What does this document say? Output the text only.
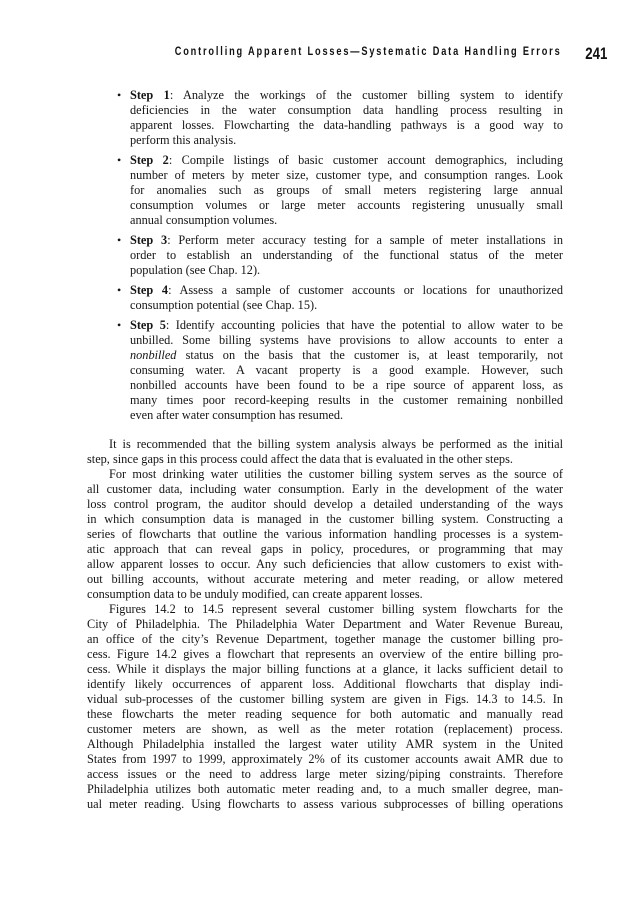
Controlling Apparent Losses—Systematic Data Handling Errors 241
• Step 1: Analyze the workings of the customer billing system to identify
deficiencies in the water consumption data handling process resulting in
apparent losses. Flowcharting the data-handling pathways is a good way to
perform this analysis.
• Step 2: Compile listings of basic customer account demographics, including
number of meters by meter size, customer type, and consumption ranges. Look
for anomalies such as groups of small meters registering large annual
consumption volumes or large meter accounts registering unusually small
annual consumption volumes.
• Step 3: Perform meter accuracy testing for a sample of meter installations in
order to establish an understanding of the functional status of the meter
population (see Chap. 12).
• Step 4: Assess a sample of customer accounts or locations for unauthorized
consumption potential (see Chap. 15).
• Step 5: Identify accounting policies that have the potential to allow water to be
unbilled. Some billing systems have provisions to allow accounts to enter a
nonbilled status on the basis that the customer is, at least temporarily, not
consuming water. A vacant property is a good example. However, such
nonbilled accounts have been found to be a ripe source of apparent loss, as
many times poor record-keeping results in the customer remaining nonbilled
even after water consumption has resumed.
It is recommended that the billing system analysis always be performed as the initial
step, since gaps in this process could affect the data that is evaluated in the other steps.
For most drinking water utilities the customer billing system serves as the source of
all customer data, including water consumption. Early in the development of the water
loss control program, the auditor should develop a detailed understanding of the ways
in which consumption data is managed in the customer billing system. Constructing a
series of flowcharts that outline the various information handling processes is a system-
atic approach that can reveal gaps in policy, procedures, or programming that may
allow apparent losses to occur. Any such deficiencies that allow customers to exist with-
out billing accounts, without accurate metering and meter reading, or allow metered
consumption data to be unduly modified, can create apparent losses.
Figures 14.2 to 14.5 represent several customer billing system flowcharts for the
City of Philadelphia. The Philadelphia Water Department and Water Revenue Bureau,
an office of the city’s Revenue Department, together manage the customer billing pro-
cess. Figure 14.2 gives a flowchart that represents an overview of the entire billing pro-
cess. While it displays the major billing functions at a glance, it lacks sufficient detail to
identify likely occurrences of apparent loss. Additional flowcharts that display indi-
vidual sub-processes of the customer billing system are given in Figs. 14.3 to 14.5. In
these flowcharts the meter reading sequence for both automatic and manually read
customer meters are shown, as well as the meter rotation (replacement) process.
Although Philadelphia installed the largest water utility AMR system in the United
States from 1997 to 1999, approximately 2% of its customer accounts await AMR due to
access issues or the need to address large meter sizing/piping constraints. Therefore
Philadelphia utilizes both automatic meter reading and, to a much smaller degree, man-
ual meter reading. Using flowcharts to assess various subprocesses of billing operations
